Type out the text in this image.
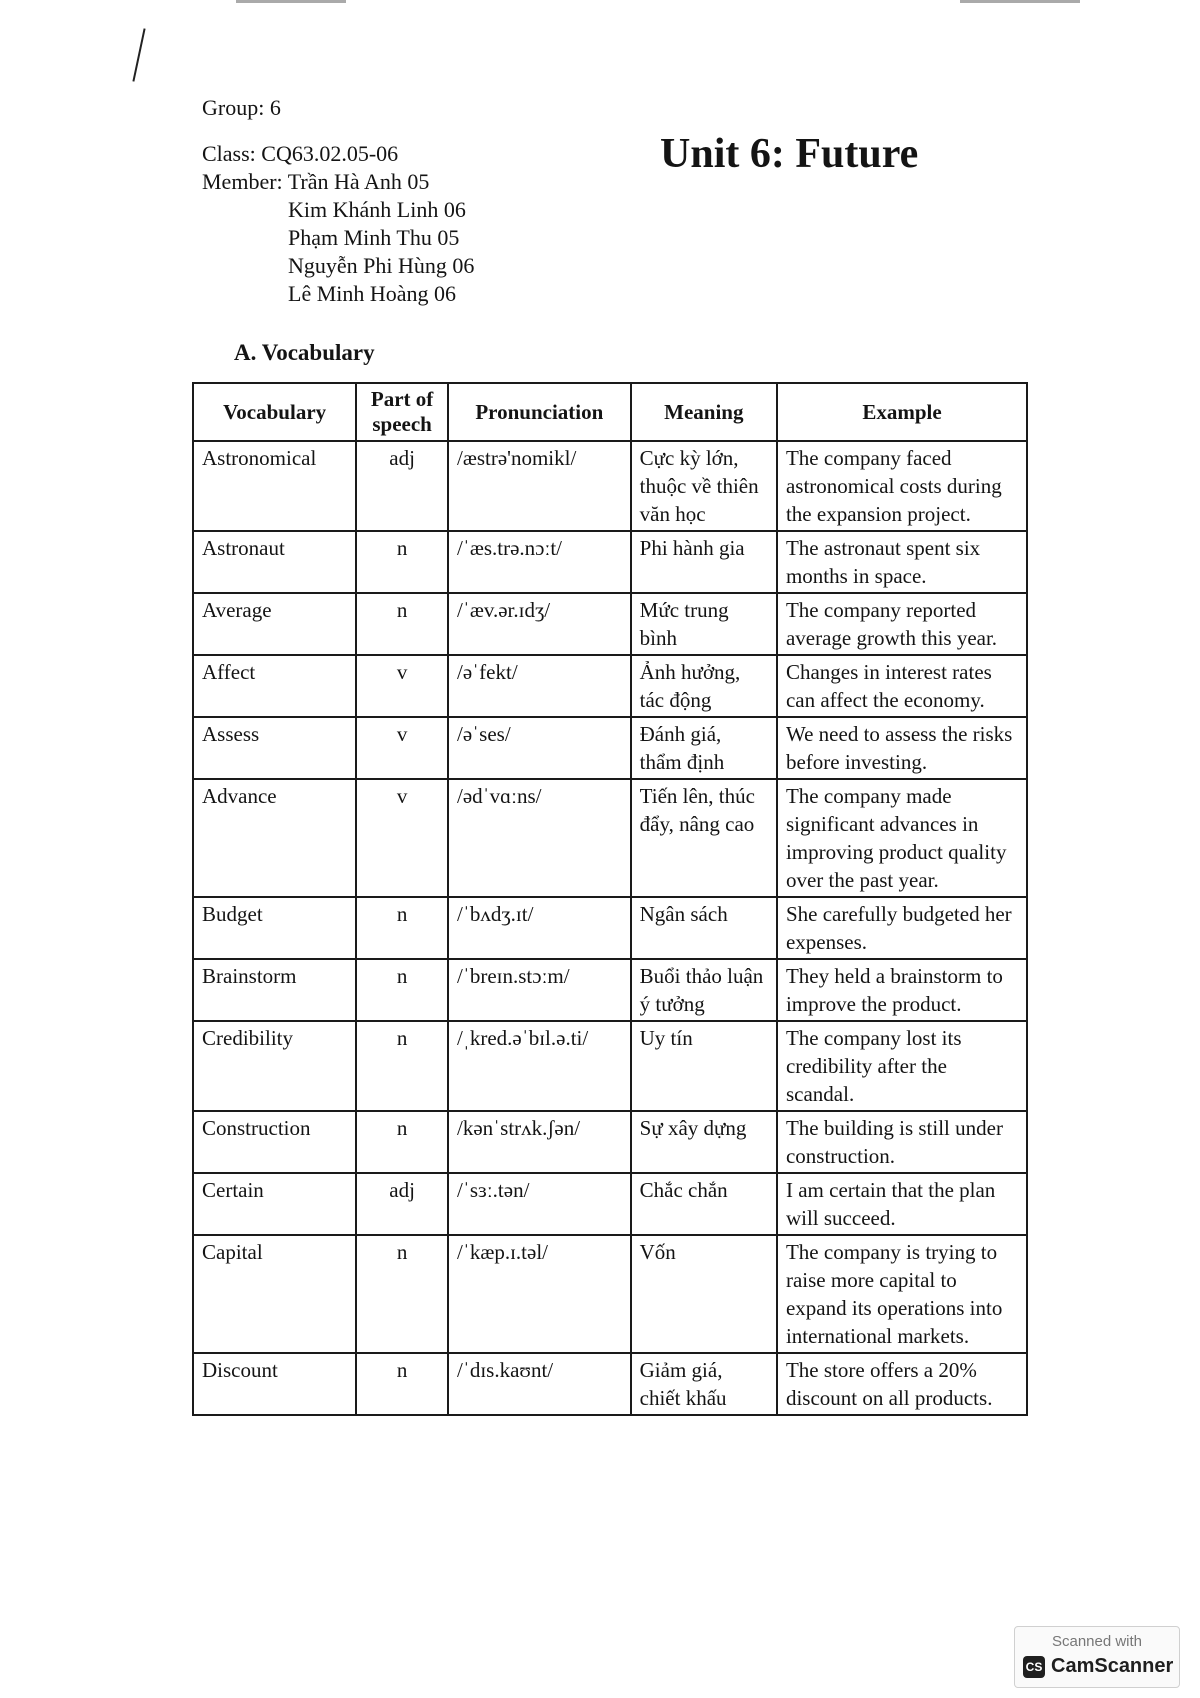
Group: 6
Class: CQ63.02.05-06
Member: Trần Hà Anh 05
Kim Khánh Linh 06
Phạm Minh Thu 05
Nguyễn Phi Hùng 06
Lê Minh Hoàng 06
Unit 6: Future
A. Vocabulary
Vocabulary	Part of speech	Pronunciation	Meaning	Example
Astronomical	adj	/æstrə'nomikl/	Cực kỳ lớn, thuộc về thiên văn học	The company faced astronomical costs during the expansion project.
Astronaut	n	/ˈæs.trə.nɔːt/	Phi hành gia	The astronaut spent six months in space.
Average	n	/ˈæv.ər.ɪdʒ/	Mức trung bình	The company reported average growth this year.
Affect	v	/əˈfekt/	Ảnh hưởng, tác động	Changes in interest rates can affect the economy.
Assess	v	/əˈses/	Đánh giá, thẩm định	We need to assess the risks before investing.
Advance	v	/ədˈvɑːns/	Tiến lên, thúc đẩy, nâng cao	The company made significant advances in improving product quality over the past year.
Budget	n	/ˈbʌdʒ.ɪt/	Ngân sách	She carefully budgeted her expenses.
Brainstorm	n	/ˈbreɪn.stɔːm/	Buổi thảo luận ý tưởng	They held a brainstorm to improve the product.
Credibility	n	/ˌkred.əˈbɪl.ə.ti/	Uy tín	The company lost its credibility after the scandal.
Construction	n	/kənˈstrʌk.ʃən/	Sự xây dựng	The building is still under construction.
Certain	adj	/ˈsɜː.tən/	Chắc chắn	I am certain that the plan will succeed.
Capital	n	/ˈkæp.ɪ.təl/	Vốn	The company is trying to raise more capital to expand its operations into international markets.
Discount	n	/ˈdɪs.kaʊnt/	Giảm giá, chiết khấu	The store offers a 20% discount on all products.
Scanned with
CS CamScanner
